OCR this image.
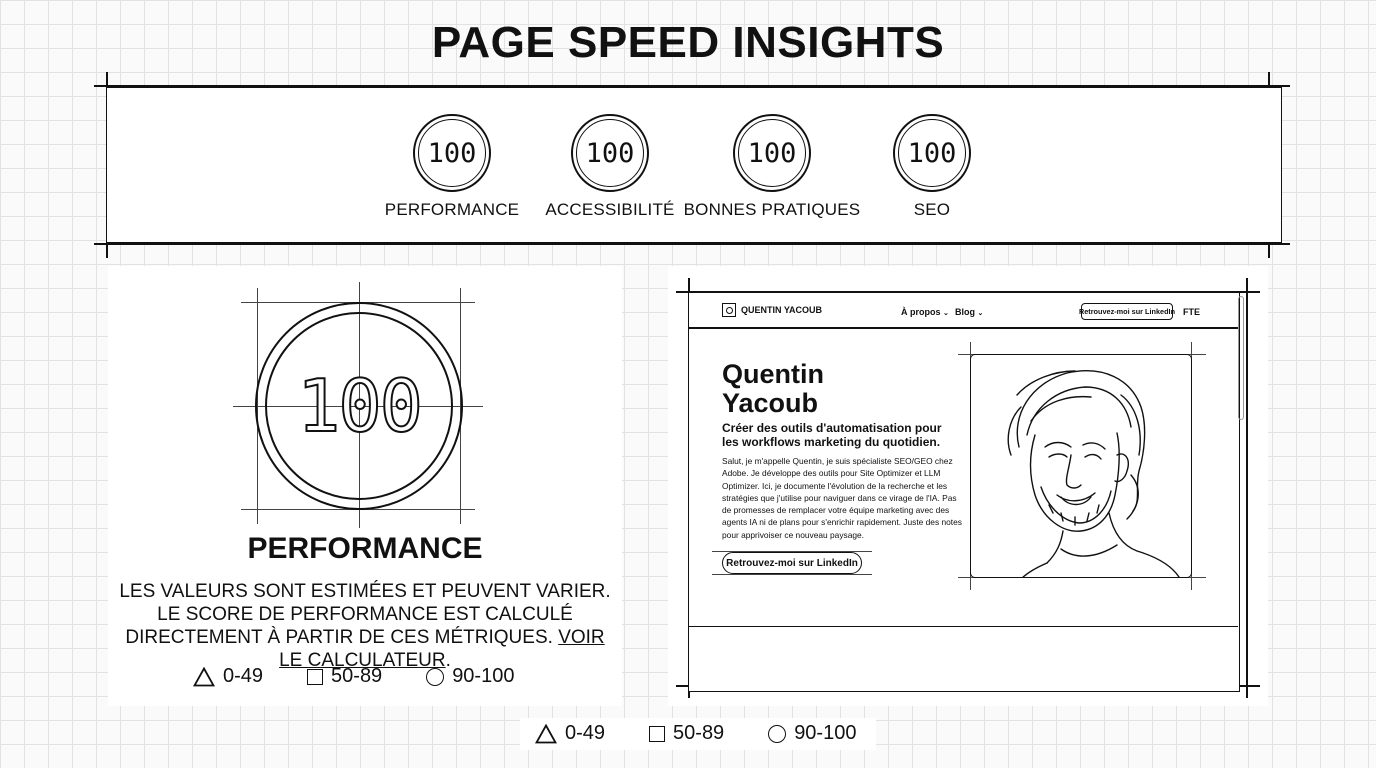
PAGE SPEED INSIGHTS
100
PERFORMANCE
100
ACCESSIBILITÉ
100
BONNES PRATIQUES
100
SEO
100
PERFORMANCE
LES VALEURS SONT ESTIMÉES ET PEUVENT VARIER. LE SCORE DE PERFORMANCE EST CALCULÉ DIRECTEMENT À PARTIR DE CES MÉTRIQUES. VOIR LE CALCULATEUR.
0-49	50-89	90-100
QUENTIN YACOUB	À propos ⌄ Blog ⌄	Retrouvez-moi sur LinkedIn FTE
Quentin
Yacoub
Créer des outils d'automatisation pour les workflows marketing du quotidien.
Salut, je m'appelle Quentin, je suis spécialiste SEO/GEO chez Adobe. Je développe des outils pour Site Optimizer et LLM Optimizer. Ici, je documente l'évolution de la recherche et les stratégies que j'utilise pour naviguer dans ce virage de l'IA. Pas de promesses de remplacer votre équipe marketing avec des agents IA ni de plans pour s'enrichir rapidement. Juste des notes pour apprivoiser ce nouveau paysage.
Retrouvez-moi sur LinkedIn
0-49	50-89	90-100
